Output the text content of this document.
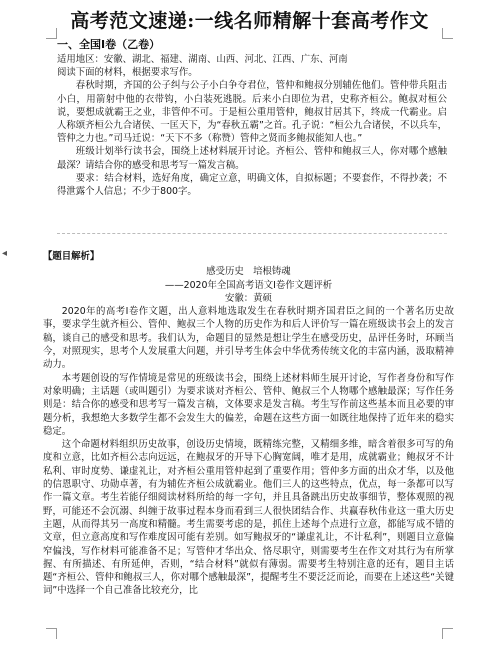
◂
高考范文速递:一线名师精解十套高考作文
一、全国Ⅰ卷（乙卷）

适用地区：安徽、湖北、福建、湖南、山西、河北、江西、广东、河南

阅读下面的材料，根据要求写作。

春秋时期，齐国的公子纠与公子小白争夺君位，管仲和鲍叔分别辅佐他们。管仲带兵阻击小白，用箭射中他的衣带钩，小白装死逃脱。后来小白即位为君，史称齐桓公。鲍叔对桓公说，要想成就霸王之业，非管仲不可。于是桓公重用管仲，鲍叔甘居其下，终成一代霸业。启人称颂齐桓公九合诸侯、一匡天下，为“春秋五霸”之首。孔子说：“桓公九合诸侯，不以兵车，管仲之力也。”司马迁说：“天下不多（称赞）管仲之贤而多鲍叔能知人也。”

班级计划举行读书会，围绕上述材料展开讨论。齐桓公、管仲和鲍叔三人，你对哪个感触最深？请结合你的感受和思考写一篇发言稿。

要求：结合材料，选好角度，确定立意，明确文体，自拟标题；不要套作，不得抄袭；不得泄露个人信息；不少于800字。

【题目解析】

感受历史　培根铸魂

——2020年全国高考语文Ⅰ卷作文题评析

安徽：黄硕

2020年的高考Ⅰ卷作文题，出人意料地选取发生在春秋时期齐国君臣之间的一个著名历史故事，要求学生就齐桓公、管仲、鲍叔三个人物的历史作为和后人评价写一篇在班级读书会上的发言稿，谈自己的感受和思考。我们认为，命题目的显然是想让学生在感受历史，品评任务时，环顾当今，对照现实，思考个人发展重大问题，并引导考生体会中华优秀传统文化的丰富内涵，汲取精神动力。

本考题创设的写作情境是常见的班级读书会，围绕上述材料师生展开讨论，写作者身份和写作对象明确；主话题（或叫题引）为要求谈对齐桓公、管仲、鲍叔三个人物哪个感触最深；写作任务则是：结合你的感受和思考写一篇发言稿，文体要求是发言稿。考生写作前这些基本而且必要的审题分析，我想绝大多数学生都不会发生大的偏差，命题在这些方面一如既往地保持了近年来的稳实稳定。

这个命题材料组织历史故事，创设历史情境，既精练完整，又精细多维，暗含着很多可写的角度和立意，比如齐桓公志向远远，在鲍叔牙的开导下心胸宽阔，唯才是用，成就霸业；鲍叔牙不计私利、审时度势、谦虚礼让，对齐桓公重用管仲起到了重要作用；管仲多方面的出众才华，以及他的信恩职守、功勋卓著，有为辅佐齐桓公成就霸业。他们三人的这些特点，优点，每一条都可以写作一篇文章。考生若能仔细阅读材料所给的每一字句，并且具备跳出历史故事细节，整体观照的视野，可能还不会沉溺、纠缠于故事过程本身而看到三人很快团结合作、共赢春秋伟业这一重大历史主题，从而得其另一高度和精髓。考生需要考虑的是，抓住上述每个点进行立意，都能写成不错的文章，但立意高度和写作难度因可能有差别。如写鲍叔牙的“谦虚礼让，不计私利”，则题目立意偏窄偏浅，写作材料可能准备不足；写管仲才华出众、恪尽职守，则需要考生在作文对其行为有所掌握、有所描述、有所延伸，否则，“结合材料”就似有薄弱。需要考生特别注意的还有，题目主话题“齐桓公、管仲和鲍叔三人，你对哪个感触最深”，提醒考生不要泛泛而论，而要在上述这些“关键词”中选择一个自己准备比较充分，比
